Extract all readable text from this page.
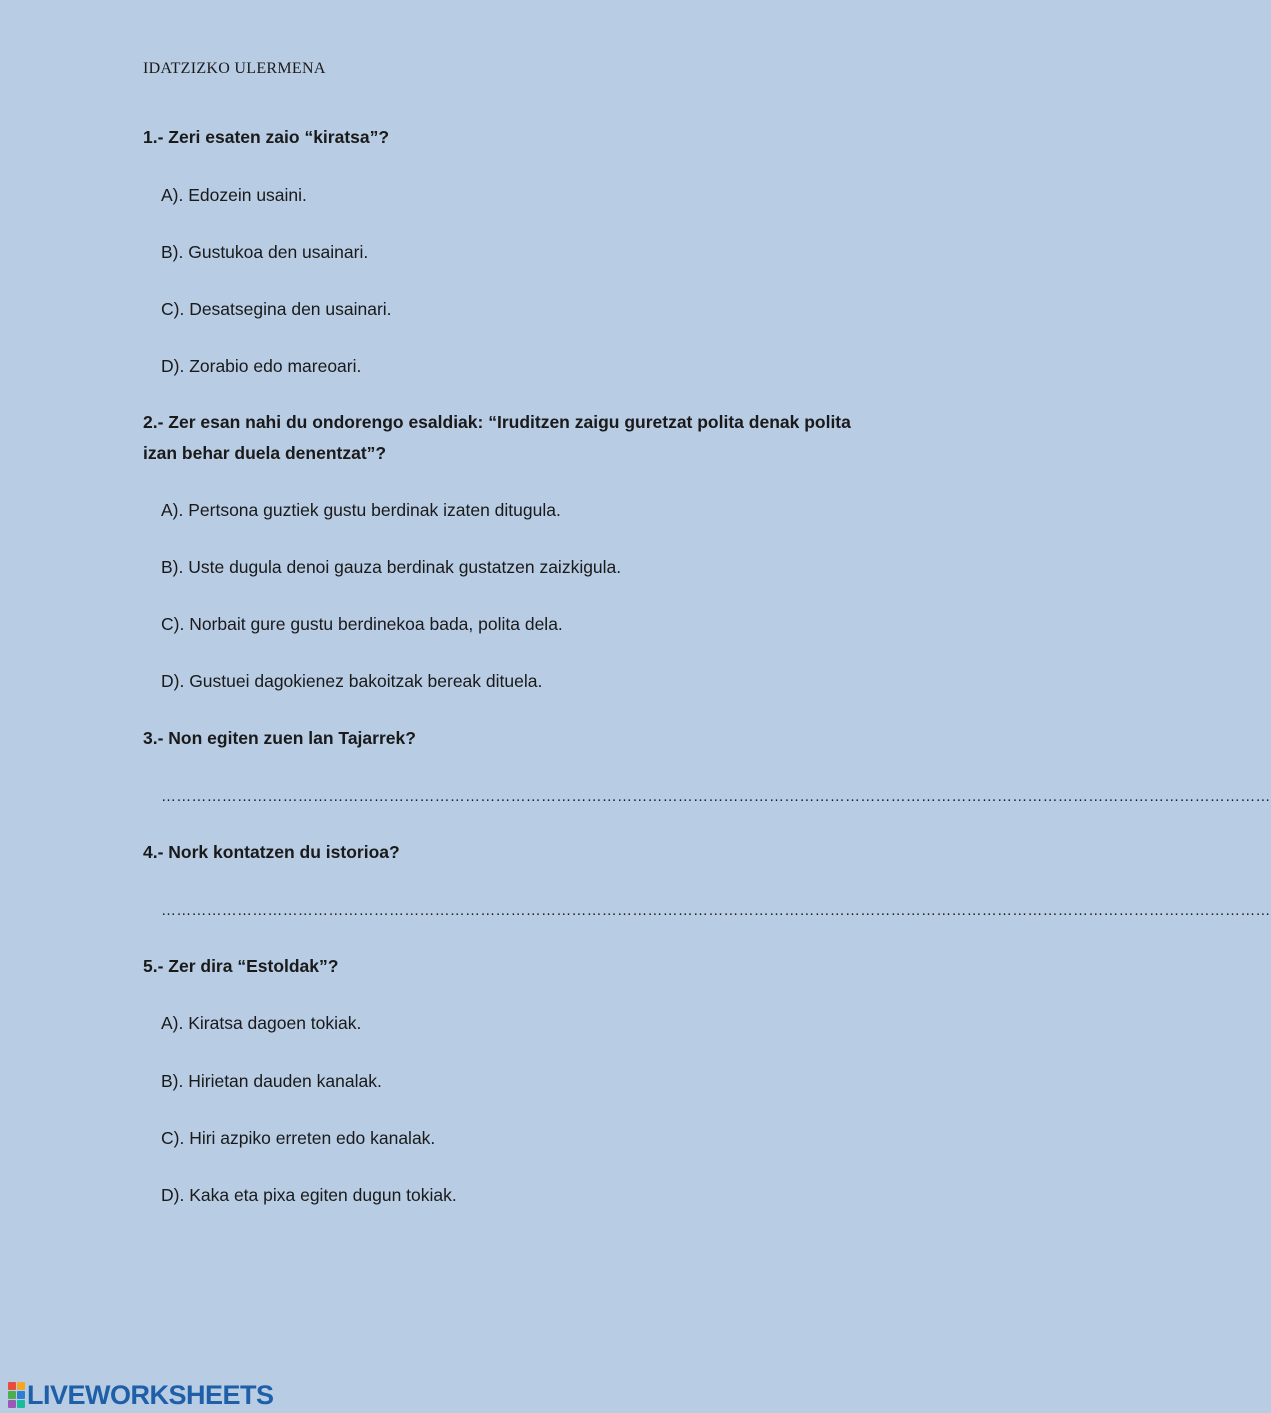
IDATZIZKO ULERMENA
1.- Zeri esaten zaio “kiratsa”?
A). Edozein usaini.
B). Gustukoa den usainari.
C). Desatsegina den usainari.
D). Zorabio edo mareoari.
2.- Zer esan nahi du ondorengo esaldiak: “Iruditzen zaigu guretzat polita denak polita izan behar duela denentzat”?
A). Pertsona guztiek gustu berdinak izaten ditugula.
B). Uste dugula denoi gauza berdinak gustatzen zaizkigula.
C). Norbait gure gustu berdinekoa bada, polita dela.
D). Gustuei dagokienez bakoitzak bereak dituela.
3.- Non egiten zuen lan Tajarrek?
…………………………………………………………………………………………………………………………………………………………………………………………………
4.- Nork kontatzen du istorioa?
…………………………………………………………………………………………………………………………………………………………………………………………………
5.- Zer dira “Estoldak”?
A). Kiratsa dagoen tokiak.
B). Hirietan dauden kanalak.
C). Hiri azpiko erreten edo kanalak.
D). Kaka eta pixa egiten dugun tokiak.
LIVEWORKSHEETS
